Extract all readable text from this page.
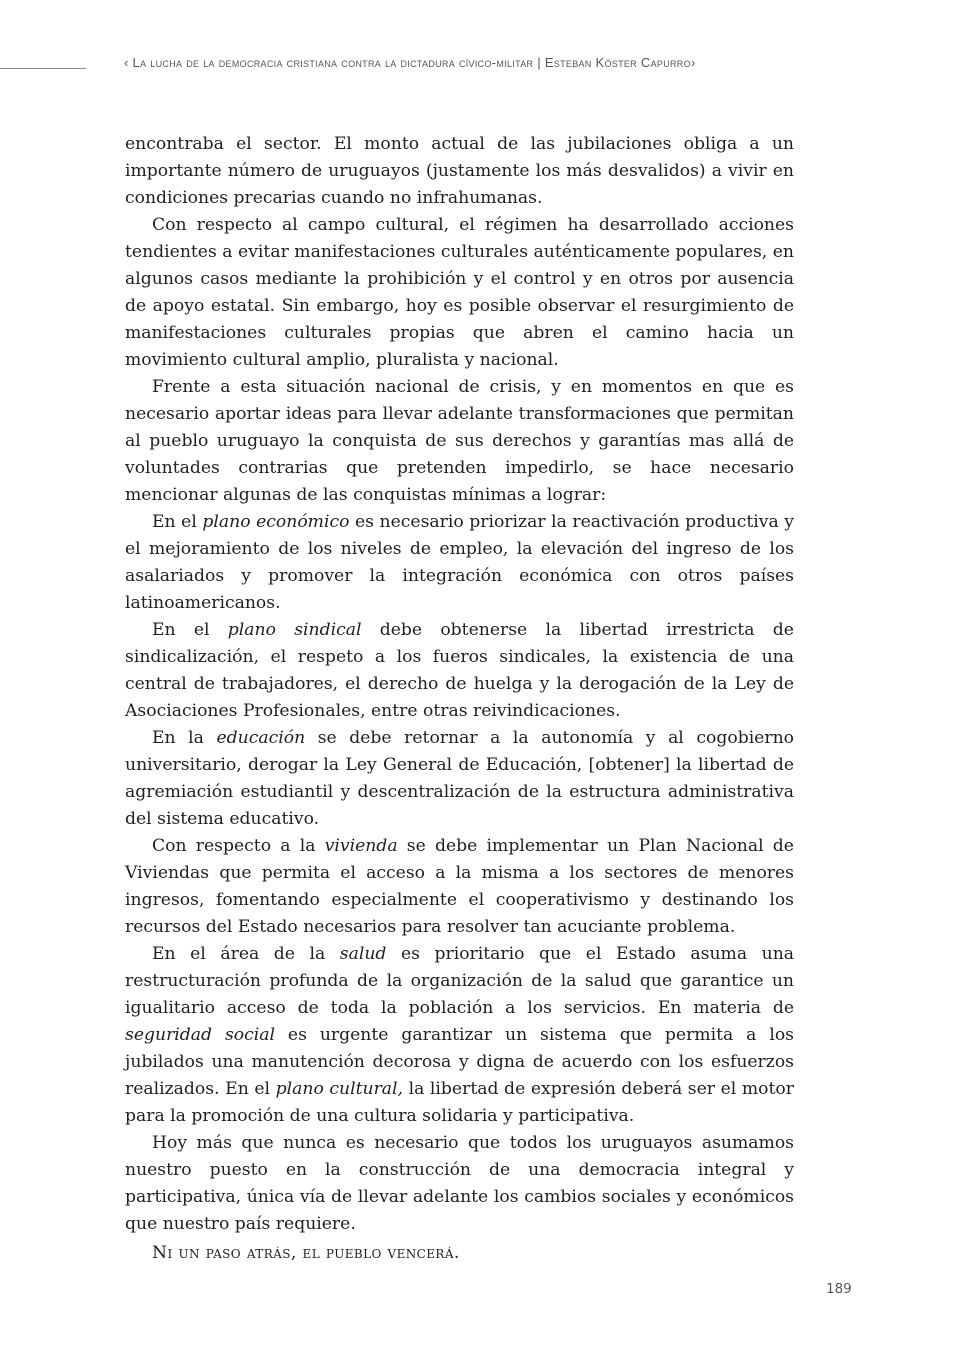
‹ La lucha de la democracia cristiana contra la dictadura cívico-militar | Esteban Köster Capurro›

encontraba el sector. El monto actual de las jubilaciones obliga a un importante número de uruguayos (justamente los más desvalidos) a vivir en condiciones precarias cuando no infrahumanas.

Con respecto al campo cultural, el régimen ha desarrollado acciones tendientes a evitar manifestaciones culturales auténticamente populares, en algunos casos mediante la prohibición y el control y en otros por ausencia de apoyo estatal. Sin embargo, hoy es posible observar el resurgimiento de manifestaciones culturales propias que abren el camino hacia un movimiento cultural amplio, pluralista y nacional.

Frente a esta situación nacional de crisis, y en momentos en que es necesario aportar ideas para llevar adelante transformaciones que permitan al pueblo uruguayo la conquista de sus derechos y garantías mas allá de voluntades contrarias que pretenden impedirlo, se hace necesario mencionar algunas de las conquistas mínimas a lograr:

En el plano económico es necesario priorizar la reactivación productiva y el mejoramiento de los niveles de empleo, la elevación del ingreso de los asalariados y promover la integración económica con otros países latinoamericanos.

En el plano sindical debe obtenerse la libertad irrestricta de sindicalización, el respeto a los fueros sindicales, la existencia de una central de trabajadores, el derecho de huelga y la derogación de la Ley de Asociaciones Profesionales, entre otras reivindicaciones.

En la educación se debe retornar a la autonomía y al cogobierno universitario, derogar la Ley General de Educación, [obtener] la libertad de agremiación estudiantil y descentralización de la estructura administrativa del sistema educativo.

Con respecto a la vivienda se debe implementar un Plan Nacional de Viviendas que permita el acceso a la misma a los sectores de menores ingresos, fomentando especialmente el cooperativismo y destinando los recursos del Estado necesarios para resolver tan acuciante problema.

En el área de la salud es prioritario que el Estado asuma una restructuración profunda de la organización de la salud que garantice un igualitario acceso de toda la población a los servicios. En materia de seguridad social es urgente garantizar un sistema que permita a los jubilados una manutención decorosa y digna de acuerdo con los esfuerzos realizados. En el plano cultural, la libertad de expresión deberá ser el motor para la promoción de una cultura solidaria y participativa.

Hoy más que nunca es necesario que todos los uruguayos asumamos nuestro puesto en la construcción de una democracia integral y participativa, única vía de llevar adelante los cambios sociales y económicos que nuestro país requiere.

Ni un paso atrás, el pueblo vencerá.

189
